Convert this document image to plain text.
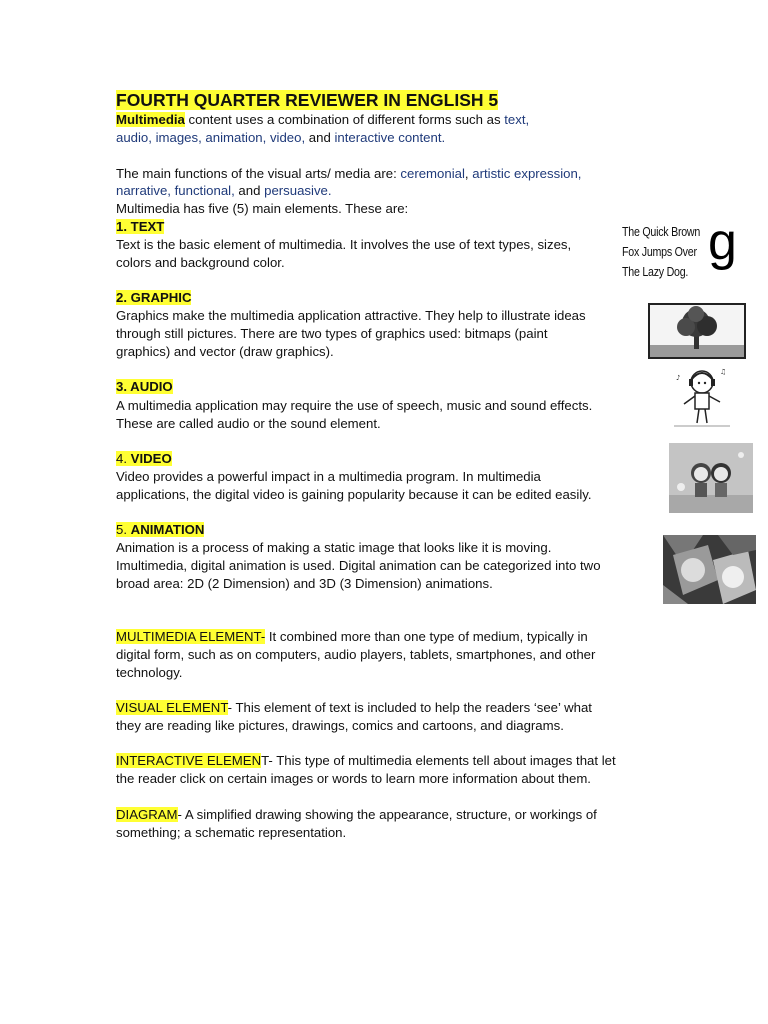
FOURTH QUARTER REVIEWER IN ENGLISH 5
Multimedia content uses a combination of different forms such as text,
audio, images, animation, video, and interactive content.
The main functions of the visual arts/ media are: ceremonial, artistic expression,
narrative, functional, and persuasive.
Multimedia has five (5) main elements. These are:
1. TEXT
Text is the basic element of multimedia. It involves the use of text types, sizes,
colors and background color.
2. GRAPHIC
Graphics make the multimedia application attractive. They help to illustrate ideas
through still pictures. There are two types of graphics used: bitmaps (paint
graphics) and vector (draw graphics).
3. AUDIO
A multimedia application may require the use of speech, music and sound effects.
These are called audio or the sound element.
4. VIDEO
Video provides a powerful impact in a multimedia program. In multimedia
applications, the digital video is gaining popularity because it can be edited easily.
5. ANIMATION
Animation is a process of making a static image that looks like it is moving.
Imultimedia, digital animation is used. Digital animation can be categorized into two
broad area: 2D (2 Dimension) and 3D (3 Dimension) animations.
MULTIMEDIA ELEMENT- It combined more than one type of medium, typically in
digital form, such as on computers, audio players, tablets, smartphones, and other
technology.
VISUAL ELEMENT- This element of text is included to help the readers ‘see’ what
they are reading like pictures, drawings, comics and cartoons, and diagrams.
INTERACTIVE ELEMENT- This type of multimedia elements tell about images that let
the reader click on certain images or words to learn more information about them.
DIAGRAM- A simplified drawing showing the appearance, structure, or workings of
something; a schematic representation.
The Quick Brown
Fox Jumps Over
The Lazy Dog.
g
♪
♫
